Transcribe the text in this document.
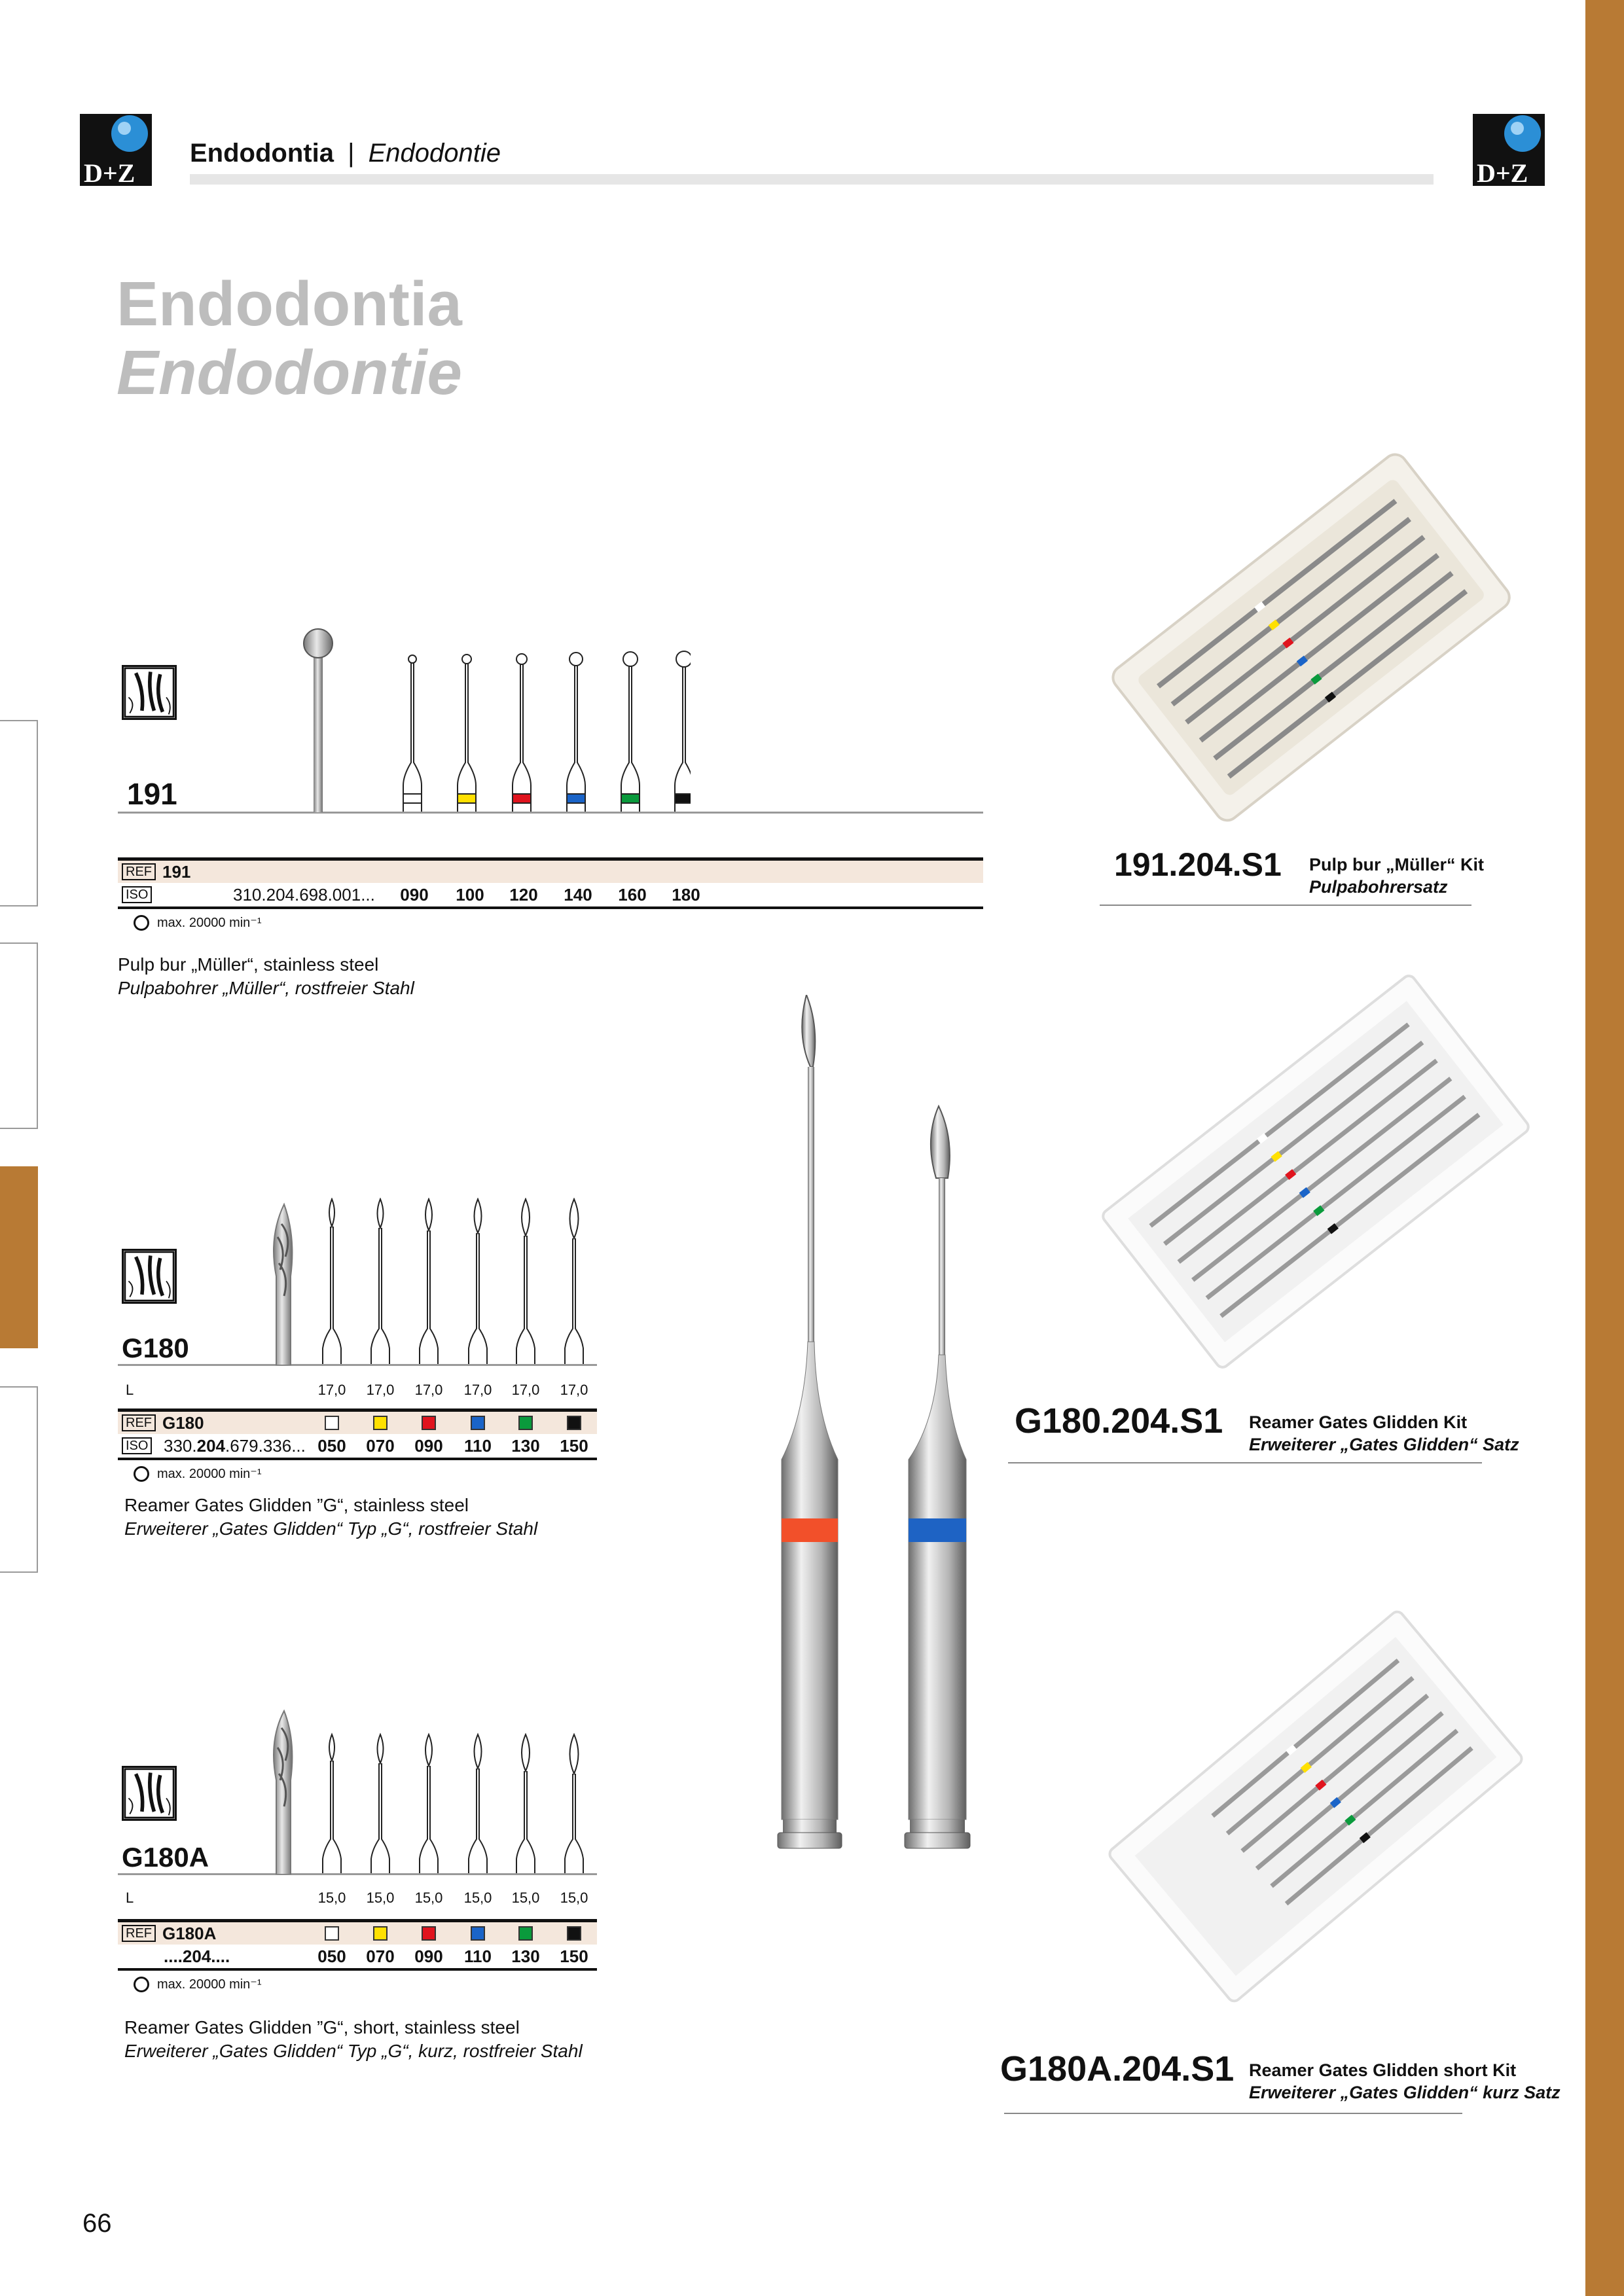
D+Z	D+Z
Endodontia | Endodontie
Endodontia
Endodontie
191
REF 191
ISO	310.204.698.001...	090	100	120	140	160	180
max. 20000 min⁻¹
Pulp bur „Müller“, stainless steel
Pulpabohrer „Müller“, rostfreier Stahl
G180
L	17,0	17,0	17,0	17,0	17,0	17,0
REF G180
ISO 330.204.679.336... 050	070	090	110	130	150
max. 20000 min⁻¹
Reamer Gates Glidden ”G“, stainless steel
Erweiterer „Gates Glidden“ Typ „G“, rostfreier Stahl
G180A
L	15,0	15,0	15,0	15,0	15,0	15,0
REF G180A
....204....	050	070	090	110	130	150
max. 20000 min⁻¹
Reamer Gates Glidden ”G“, short, stainless steel
Erweiterer „Gates Glidden“ Typ „G“, kurz, rostfreier Stahl
191.204.S1 Pulp bur „Müller“ Kit
Pulpabohrersatz
G180.204.S1 Reamer Gates Glidden Kit
Erweiterer „Gates Glidden“ Satz
G180A.204.S1 Reamer Gates Glidden short Kit
Erweiterer „Gates Glidden“ kurz Satz
66
